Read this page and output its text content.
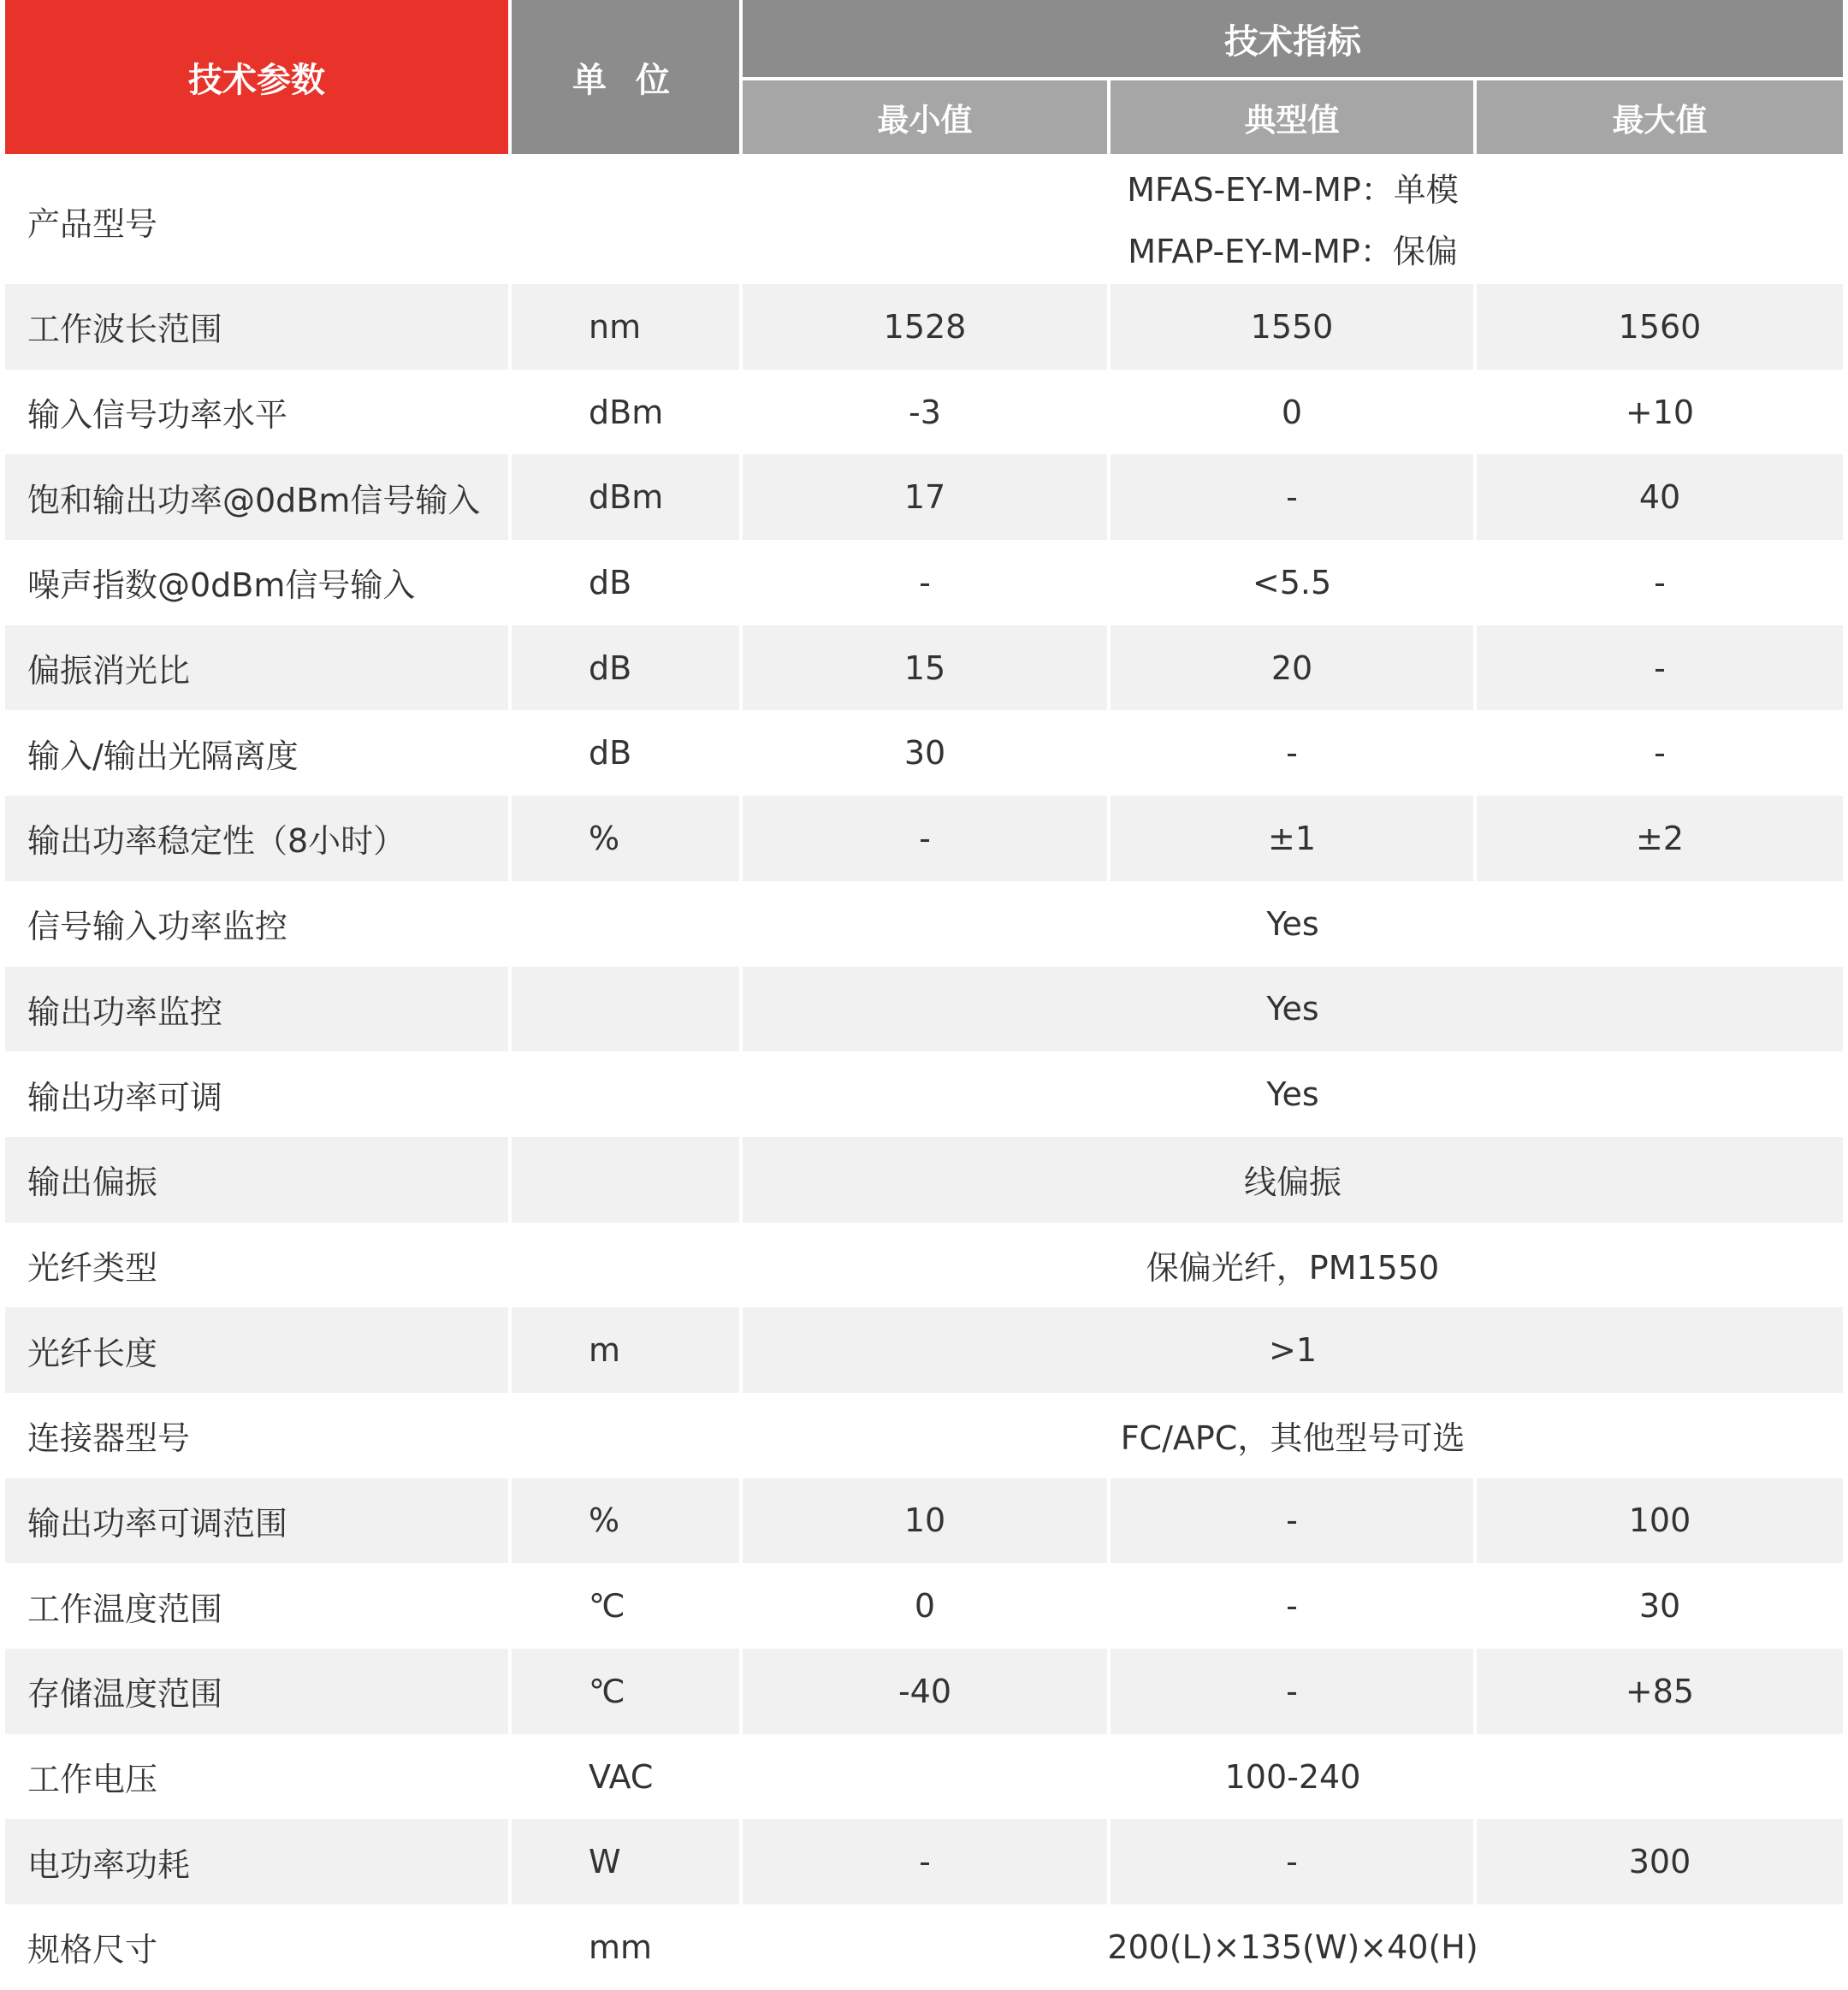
技术参数	单 位	技术指标		
		最小值	典型值	最大值
产品型号		MFAS-EY-M-MP：单模
MFAP-EY-M-MP：保偏		

工作波长范围	nm	1528	1550	1560
输入信号功率水平	dBm	-3	0	+10
饱和输出功率@0dBm信号输入	dBm	17	-	40
噪声指数@0dBm信号输入	dB	-	<5.5	-
偏振消光比	dB	15	20	-
输入/输出光隔离度	dB	30	-	-
输出功率稳定性（8小时）	%	-	±1	±2
信号输入功率监控		Yes		
输出功率监控		Yes		
输出功率可调		Yes		
输出偏振		线偏振		
光纤类型		保偏光纤，PM1550		
光纤长度	m	>1		
连接器型号		FC/APC，其他型号可选		
输出功率可调范围	%	10	-	100
工作温度范围	℃	0	-	30
存储温度范围	℃	-40	-	+85
工作电压	VAC	100-240		
电功率功耗	W	-	-	300
规格尺寸	mm	200(L)×135(W)×40(H)		
